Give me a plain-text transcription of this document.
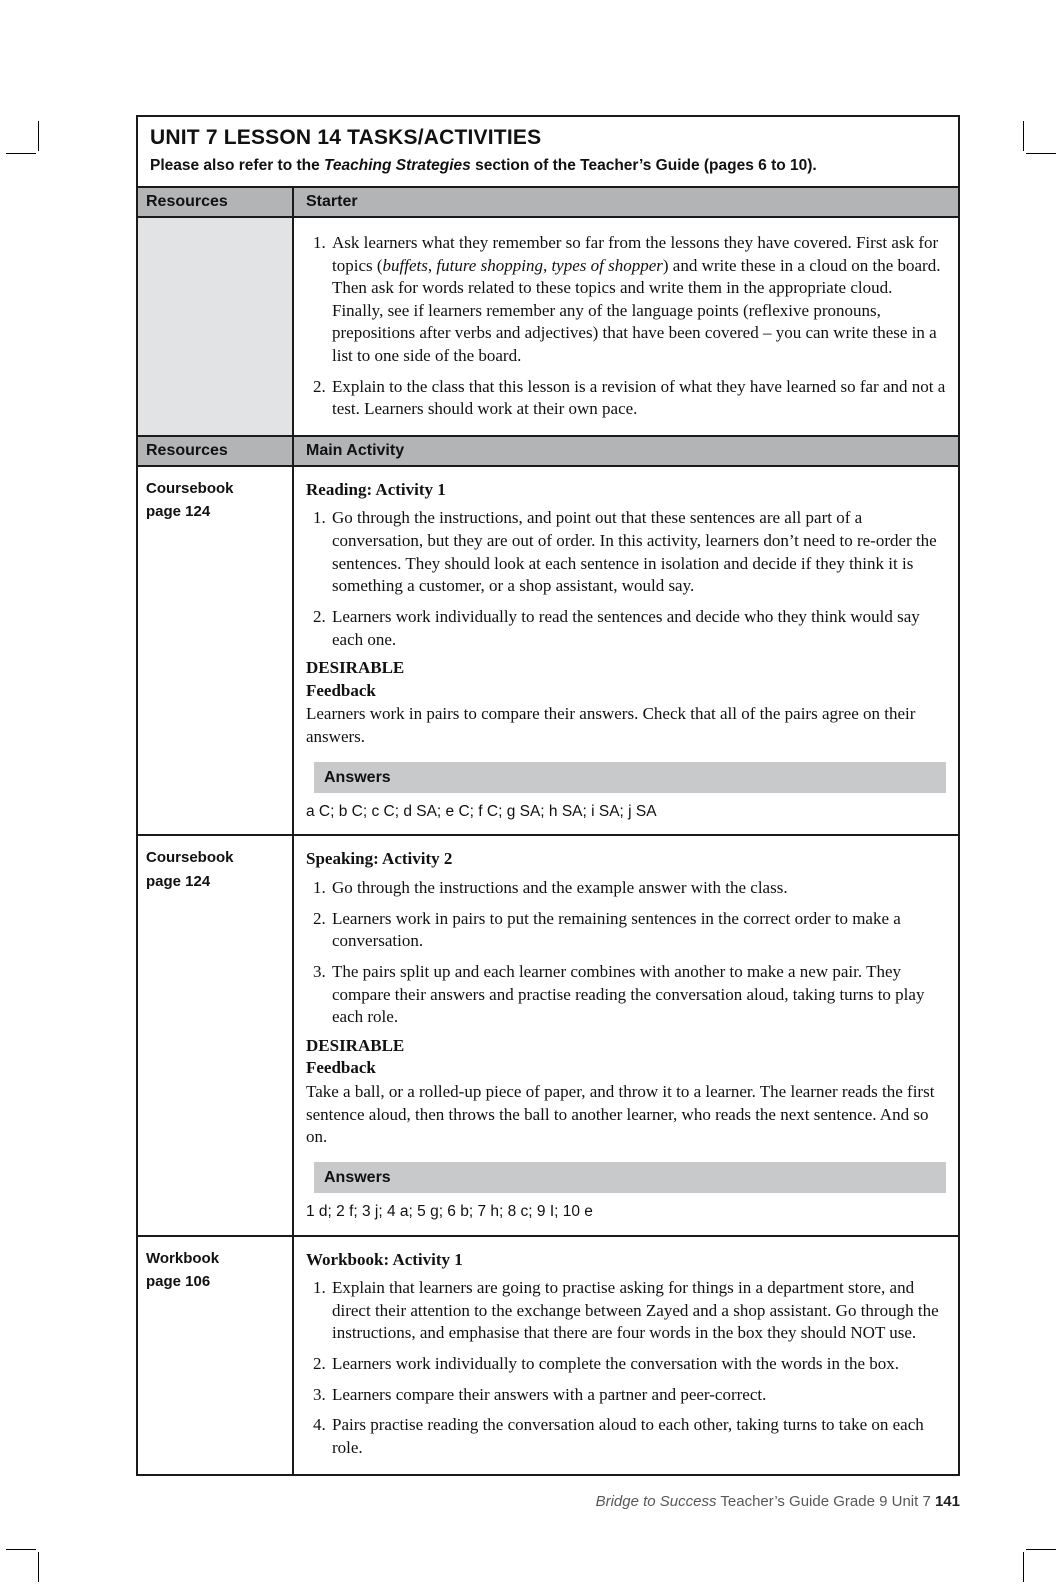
UNIT 7 LESSON 14 TASKS/ACTIVITIES
Please also refer to the Teaching Strategies section of the Teacher’s Guide (pages 6 to 10).
Resources	Starter
1. Ask learners what they remember so far from the lessons they have covered. First ask for topics (buffets, future shopping, types of shopper) and write these in a cloud on the board. Then ask for words related to these topics and write them in the appropriate cloud. Finally, see if learners remember any of the language points (reflexive pronouns, prepositions after verbs and adjectives) that have been covered – you can write these in a list to one side of the board.
2. Explain to the class that this lesson is a revision of what they have learned so far and not a test. Learners should work at their own pace.
Resources	Main Activity
Coursebook
page 124
Reading: Activity 1
1. Go through the instructions, and point out that these sentences are all part of a conversation, but they are out of order. In this activity, learners don’t need to re-order the sentences. They should look at each sentence in isolation and decide if they think it is something a customer, or a shop assistant, would say.
2. Learners work individually to read the sentences and decide who they think would say each one.
DESIRABLE
Feedback
Learners work in pairs to compare their answers. Check that all of the pairs agree on their answers.
Answers
a C; b C; c C; d SA; e C; f C; g SA; h SA; i SA; j SA
Coursebook
page 124
Speaking: Activity 2
1. Go through the instructions and the example answer with the class.
2. Learners work in pairs to put the remaining sentences in the correct order to make a conversation.
3. The pairs split up and each learner combines with another to make a new pair. They compare their answers and practise reading the conversation aloud, taking turns to play each role.
DESIRABLE
Feedback
Take a ball, or a rolled-up piece of paper, and throw it to a learner. The learner reads the first sentence aloud, then throws the ball to another learner, who reads the next sentence. And so on.
Answers
1 d; 2 f; 3 j; 4 a; 5 g; 6 b; 7 h; 8 c; 9 I; 10 e
Workbook
page 106
Workbook: Activity 1
1. Explain that learners are going to practise asking for things in a department store, and direct their attention to the exchange between Zayed and a shop assistant. Go through the instructions, and emphasise that there are four words in the box they should NOT use.
2. Learners work individually to complete the conversation with the words in the box.
3. Learners compare their answers with a partner and peer-correct.
4. Pairs practise reading the conversation aloud to each other, taking turns to take on each role.
Bridge to Success Teacher’s Guide Grade 9 Unit 7 141
